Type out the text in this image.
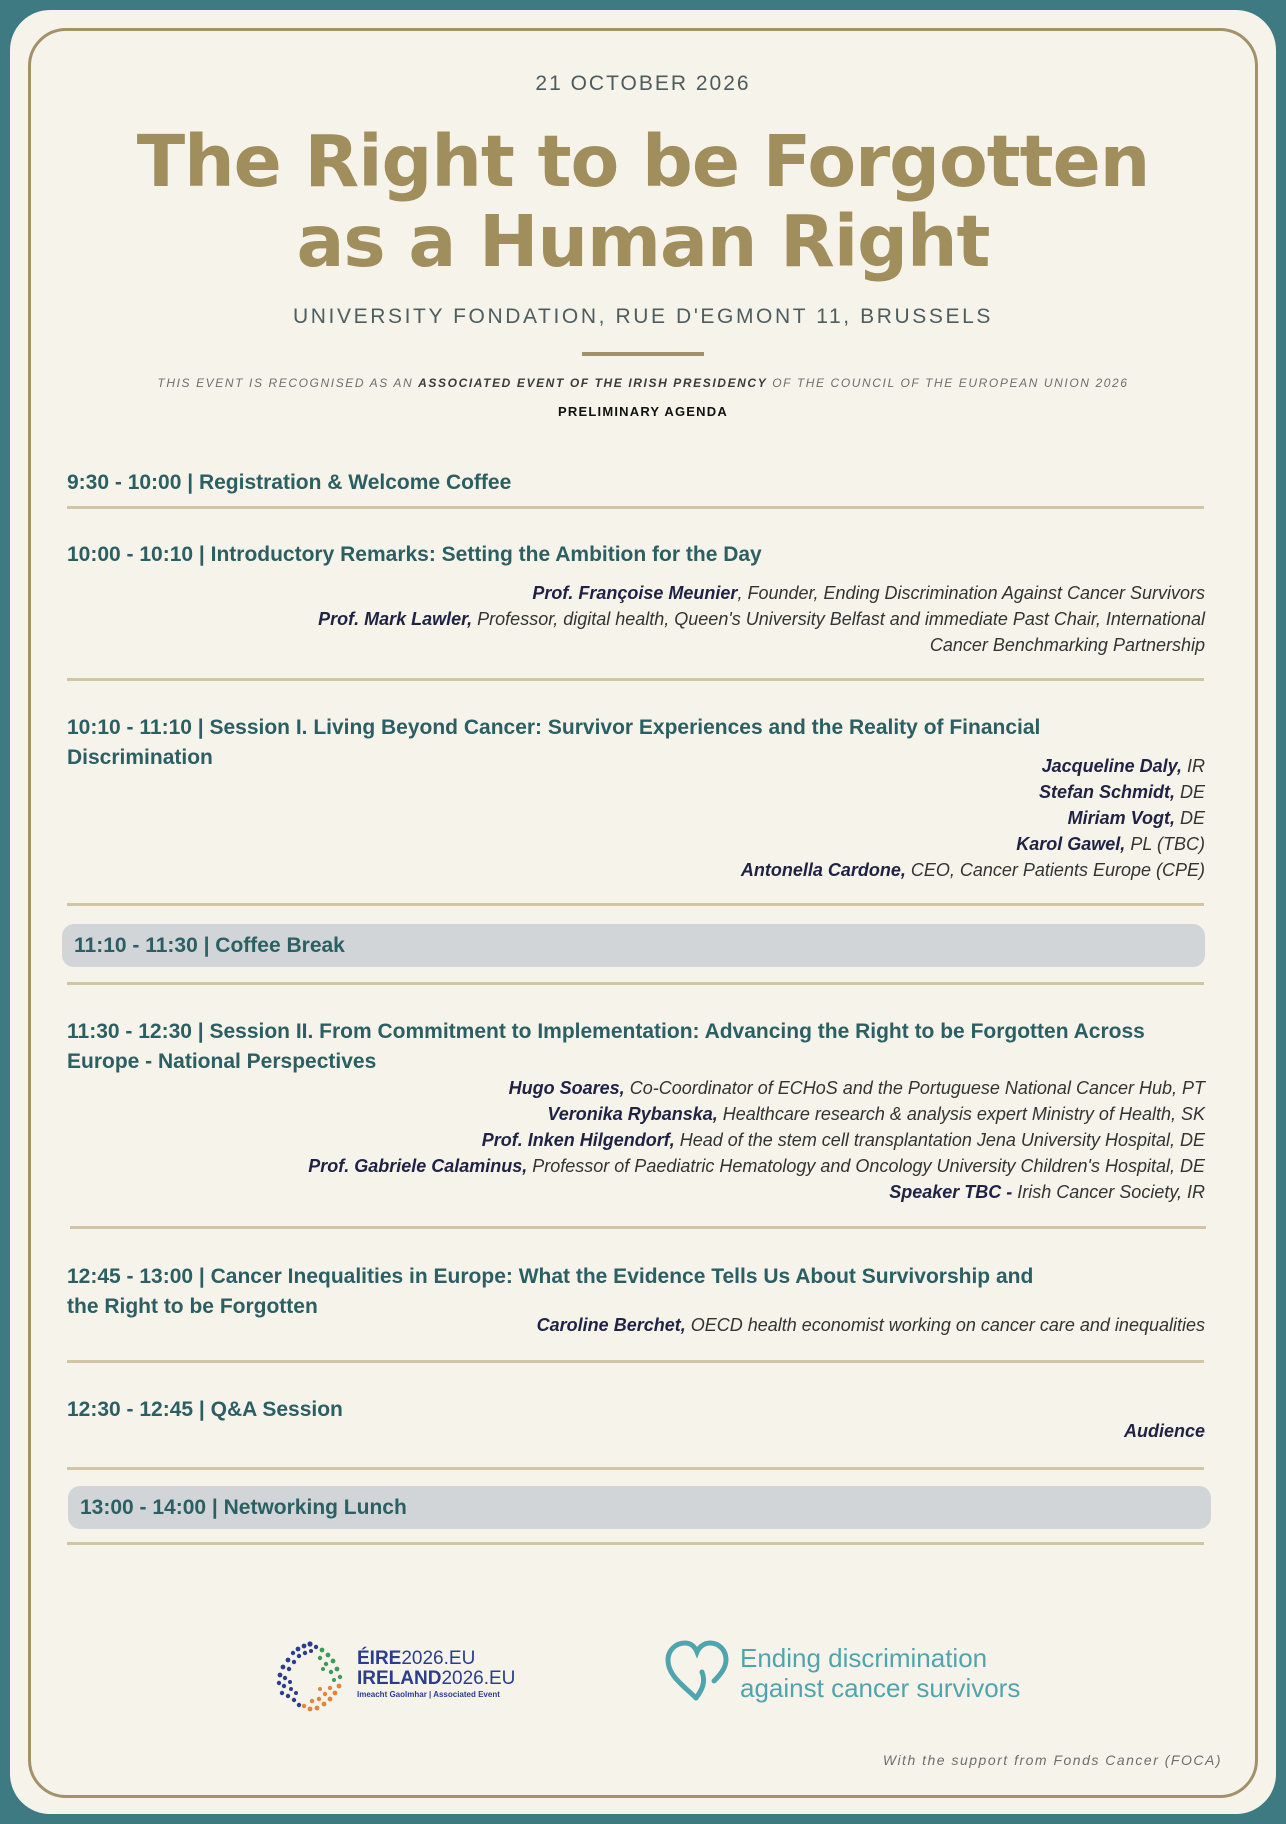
21 OCTOBER 2026
The Right to be Forgotten
as a Human Right
UNIVERSITY FONDATION, RUE D'EGMONT 11, BRUSSELS
THIS EVENT IS RECOGNISED AS AN ASSOCIATED EVENT OF THE IRISH PRESIDENCY OF THE COUNCIL OF THE EUROPEAN UNION 2026
PRELIMINARY AGENDA
9:30 - 10:00 | Registration & Welcome Coffee
10:00 - 10:10 | Introductory Remarks: Setting the Ambition for the Day
Prof. Françoise Meunier, Founder, Ending Discrimination Against Cancer Survivors
Prof. Mark Lawler, Professor, digital health, Queen's University Belfast and immediate Past Chair, International
Cancer Benchmarking Partnership
10:10 - 11:10 | Session I. Living Beyond Cancer: Survivor Experiences and the Reality of Financial
Discrimination	Jacqueline Daly, IR
Stefan Schmidt, DE
Miriam Vogt, DE
Karol Gawel, PL (TBC)
Antonella Cardone, CEO, Cancer Patients Europe (CPE)
11:10 - 11:30 | Coffee Break
11:30 - 12:30 | Session II. From Commitment to Implementation: Advancing the Right to be Forgotten Across
Europe - National Perspectives
Hugo Soares, Co-Coordinator of ECHoS and the Portuguese National Cancer Hub, PT
Veronika Rybanska, Healthcare research & analysis expert Ministry of Health, SK
Prof. Inken Hilgendorf, Head of the stem cell transplantation Jena University Hospital, DE
Prof. Gabriele Calaminus, Professor of Paediatric Hematology and Oncology University Children's Hospital, DE
Speaker TBC - Irish Cancer Society, IR
12:45 - 13:00 | Cancer Inequalities in Europe: What the Evidence Tells Us About Survivorship and
the Right to be Forgotten
Caroline Berchet, OECD health economist working on cancer care and inequalities
12:30 - 12:45 | Q&A Session
Audience
13:00 - 14:00 | Networking Lunch
ÉIRE2026.EU
IRELAND2026.EU
Imeacht Gaolmhar | Associated Event
Ending discrimination
against cancer survivors
With the support from Fonds Cancer (FOCA)
